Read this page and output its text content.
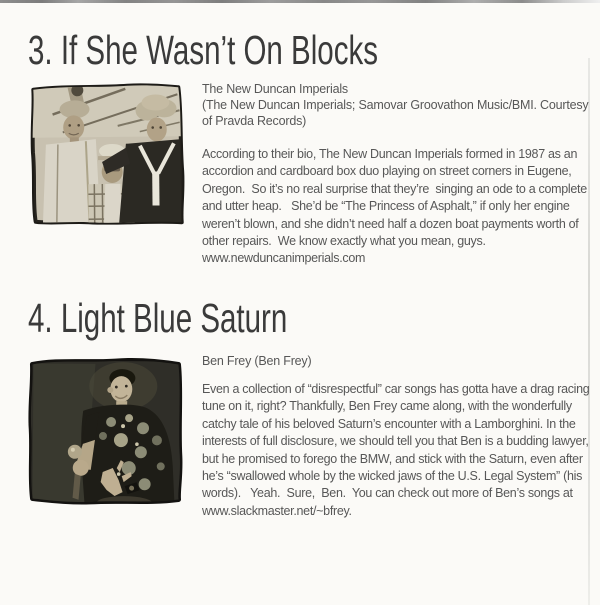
3. If She Wasn’t On Blocks
The New Duncan Imperials
(The New Duncan Imperials; Samovar Groovathon Music/BMI. Courtesy of Pravda Records)

According to their bio, The New Duncan Imperials formed in 1987 as an accordion and cardboard box duo playing on street corners in Eugene, Oregon.  So it’s no real surprise that they’re  singing an ode to a complete and utter heap.   She’d be “The Princess of Asphalt,” if only her engine weren’t blown, and she didn’t need half a dozen boat payments worth of other repairs.  We know exactly what you mean, guys.

www.newduncanimperials.com
4. Light Blue Saturn
Ben Frey (Ben Frey)

Even a collection of “disrespectful” car songs has gotta have a drag racing tune on it, right? Thankfully, Ben Frey came along, with the wonderfully catchy tale of his beloved Saturn’s encounter with a Lamborghini. In the interests of full disclosure, we should tell you that Ben is a budding lawyer, but he promised to forego the BMW, and stick with the Saturn, even after he’s “swallowed whole by the wicked jaws of the U.S. Legal System” (his words).   Yeah.  Sure,  Ben.  You can check out more of Ben’s songs at

www.slackmaster.net/~bfrey.
